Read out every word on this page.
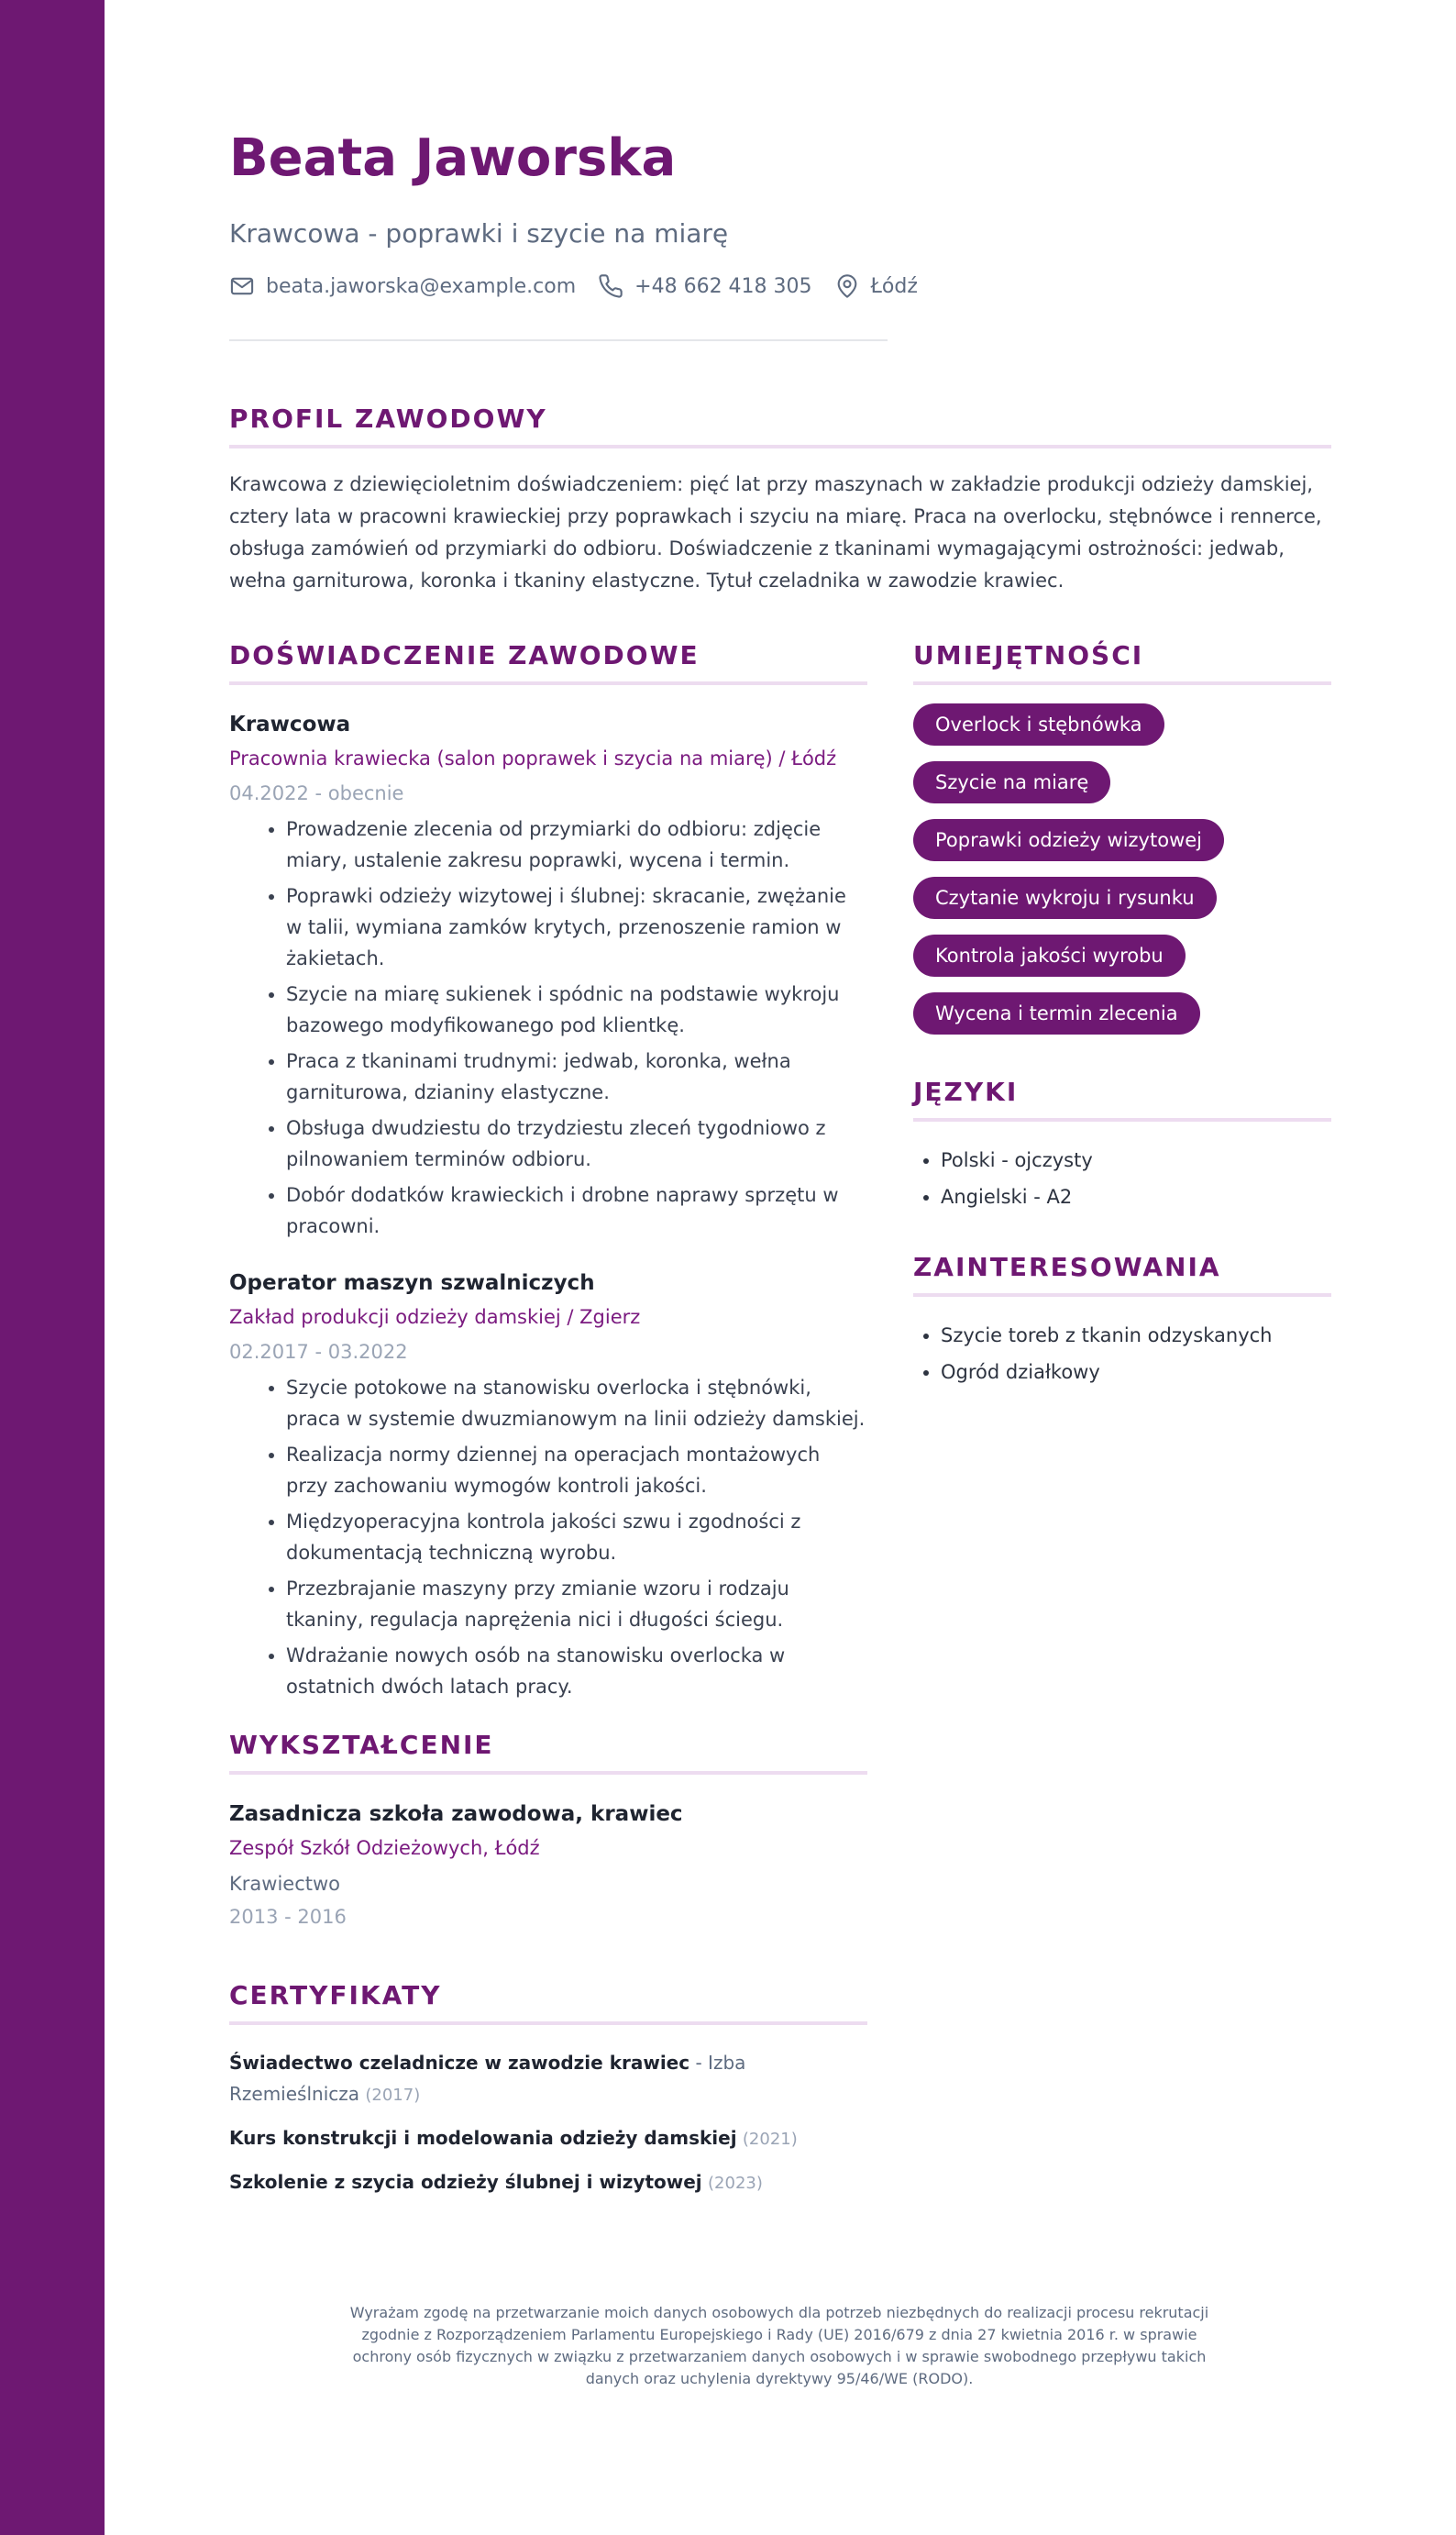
Beata Jaworska
Krawcowa - poprawki i szycie na miarę
beata.jaworska@example.com	+48 662 418 305	Łódź
PROFIL ZAWODOWY
Krawcowa z dziewięcioletnim doświadczeniem: pięć lat przy maszynach w zakładzie produkcji odzieży damskiej, cztery lata w pracowni krawieckiej przy poprawkach i szyciu na miarę. Praca na overlocku, stębnówce i rennerce, obsługa zamówień od przymiarki do odbioru. Doświadczenie z tkaninami wymagającymi ostrożności: jedwab, wełna garniturowa, koronka i tkaniny elastyczne. Tytuł czeladnika w zawodzie krawiec.
DOŚWIADCZENIE ZAWODOWE
Krawcowa
Pracownia krawiecka (salon poprawek i szycia na miarę) / Łódź
04.2022 - obecnie
• Prowadzenie zlecenia od przymiarki do odbioru: zdjęcie miary, ustalenie zakresu poprawki, wycena i termin.
• Poprawki odzieży wizytowej i ślubnej: skracanie, zwężanie w talii, wymiana zamków krytych, przenoszenie ramion w żakietach.
• Szycie na miarę sukienek i spódnic na podstawie wykroju bazowego modyfikowanego pod klientkę.
• Praca z tkaninami trudnymi: jedwab, koronka, wełna garniturowa, dzianiny elastyczne.
• Obsługa dwudziestu do trzydziestu zleceń tygodniowo z pilnowaniem terminów odbioru.
• Dobór dodatków krawieckich i drobne naprawy sprzętu w pracowni.
Operator maszyn szwalniczych
Zakład produkcji odzieży damskiej / Zgierz
02.2017 - 03.2022
• Szycie potokowe na stanowisku overlocka i stębnówki, praca w systemie dwuzmianowym na linii odzieży damskiej.
• Realizacja normy dziennej na operacjach montażowych przy zachowaniu wymogów kontroli jakości.
• Międzyoperacyjna kontrola jakości szwu i zgodności z dokumentacją techniczną wyrobu.
• Przezbrajanie maszyny przy zmianie wzoru i rodzaju tkaniny, regulacja naprężenia nici i długości ściegu.
• Wdrażanie nowych osób na stanowisku overlocka w ostatnich dwóch latach pracy.
WYKSZTAŁCENIE
Zasadnicza szkoła zawodowa, krawiec
Zespół Szkół Odzieżowych, Łódź
Krawiectwo
2013 - 2016
CERTYFIKATY
Świadectwo czeladnicze w zawodzie krawiec - Izba Rzemieślnicza (2017)
Kurs konstrukcji i modelowania odzieży damskiej (2021)
Szkolenie z szycia odzieży ślubnej i wizytowej (2023)
UMIEJĘTNOŚCI
Overlock i stębnówka
Szycie na miarę
Poprawki odzieży wizytowej
Czytanie wykroju i rysunku
Kontrola jakości wyrobu
Wycena i termin zlecenia
JĘZYKI
• Polski - ojczysty
• Angielski - A2
ZAINTERESOWANIA
• Szycie toreb z tkanin odzyskanych
• Ogród działkowy
Wyrażam zgodę na przetwarzanie moich danych osobowych dla potrzeb niezbędnych do realizacji procesu rekrutacji zgodnie z Rozporządzeniem Parlamentu Europejskiego i Rady (UE) 2016/679 z dnia 27 kwietnia 2016 r. w sprawie ochrony osób fizycznych w związku z przetwarzaniem danych osobowych i w sprawie swobodnego przepływu takich danych oraz uchylenia dyrektywy 95/46/WE (RODO).
